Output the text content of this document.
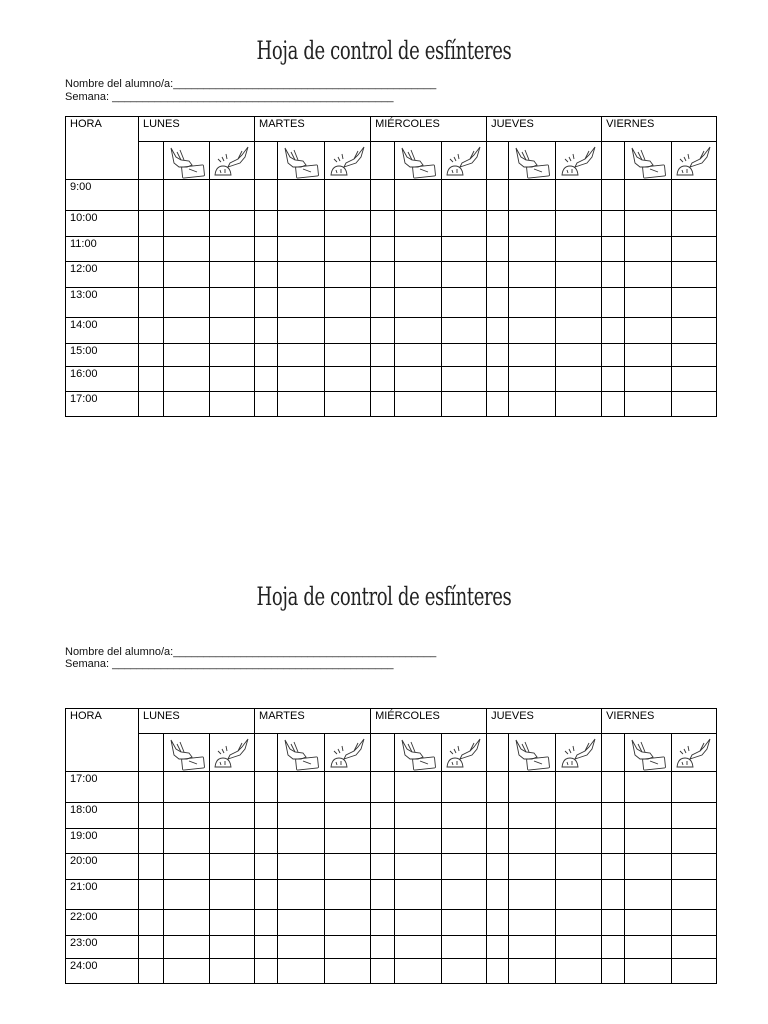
Hoja de control de esfínteres
Nombre del alumno/a:___________________________________________
Semana: ______________________________________________
HORA	LUNES			MARTES			MIÉRCOLES			JUEVES			VIERNES		

9:00															
10:00															
11:00															
12:00															
13:00															
14:00															
15:00															
16:00															
17:00															
Hoja de control de esfínteres
Nombre del alumno/a:___________________________________________
Semana: ______________________________________________
HORA	LUNES			MARTES			MIÉRCOLES			JUEVES			VIERNES		

17:00															
18:00															
19:00															
20:00															
21:00															
22:00															
23:00															
24:00															
